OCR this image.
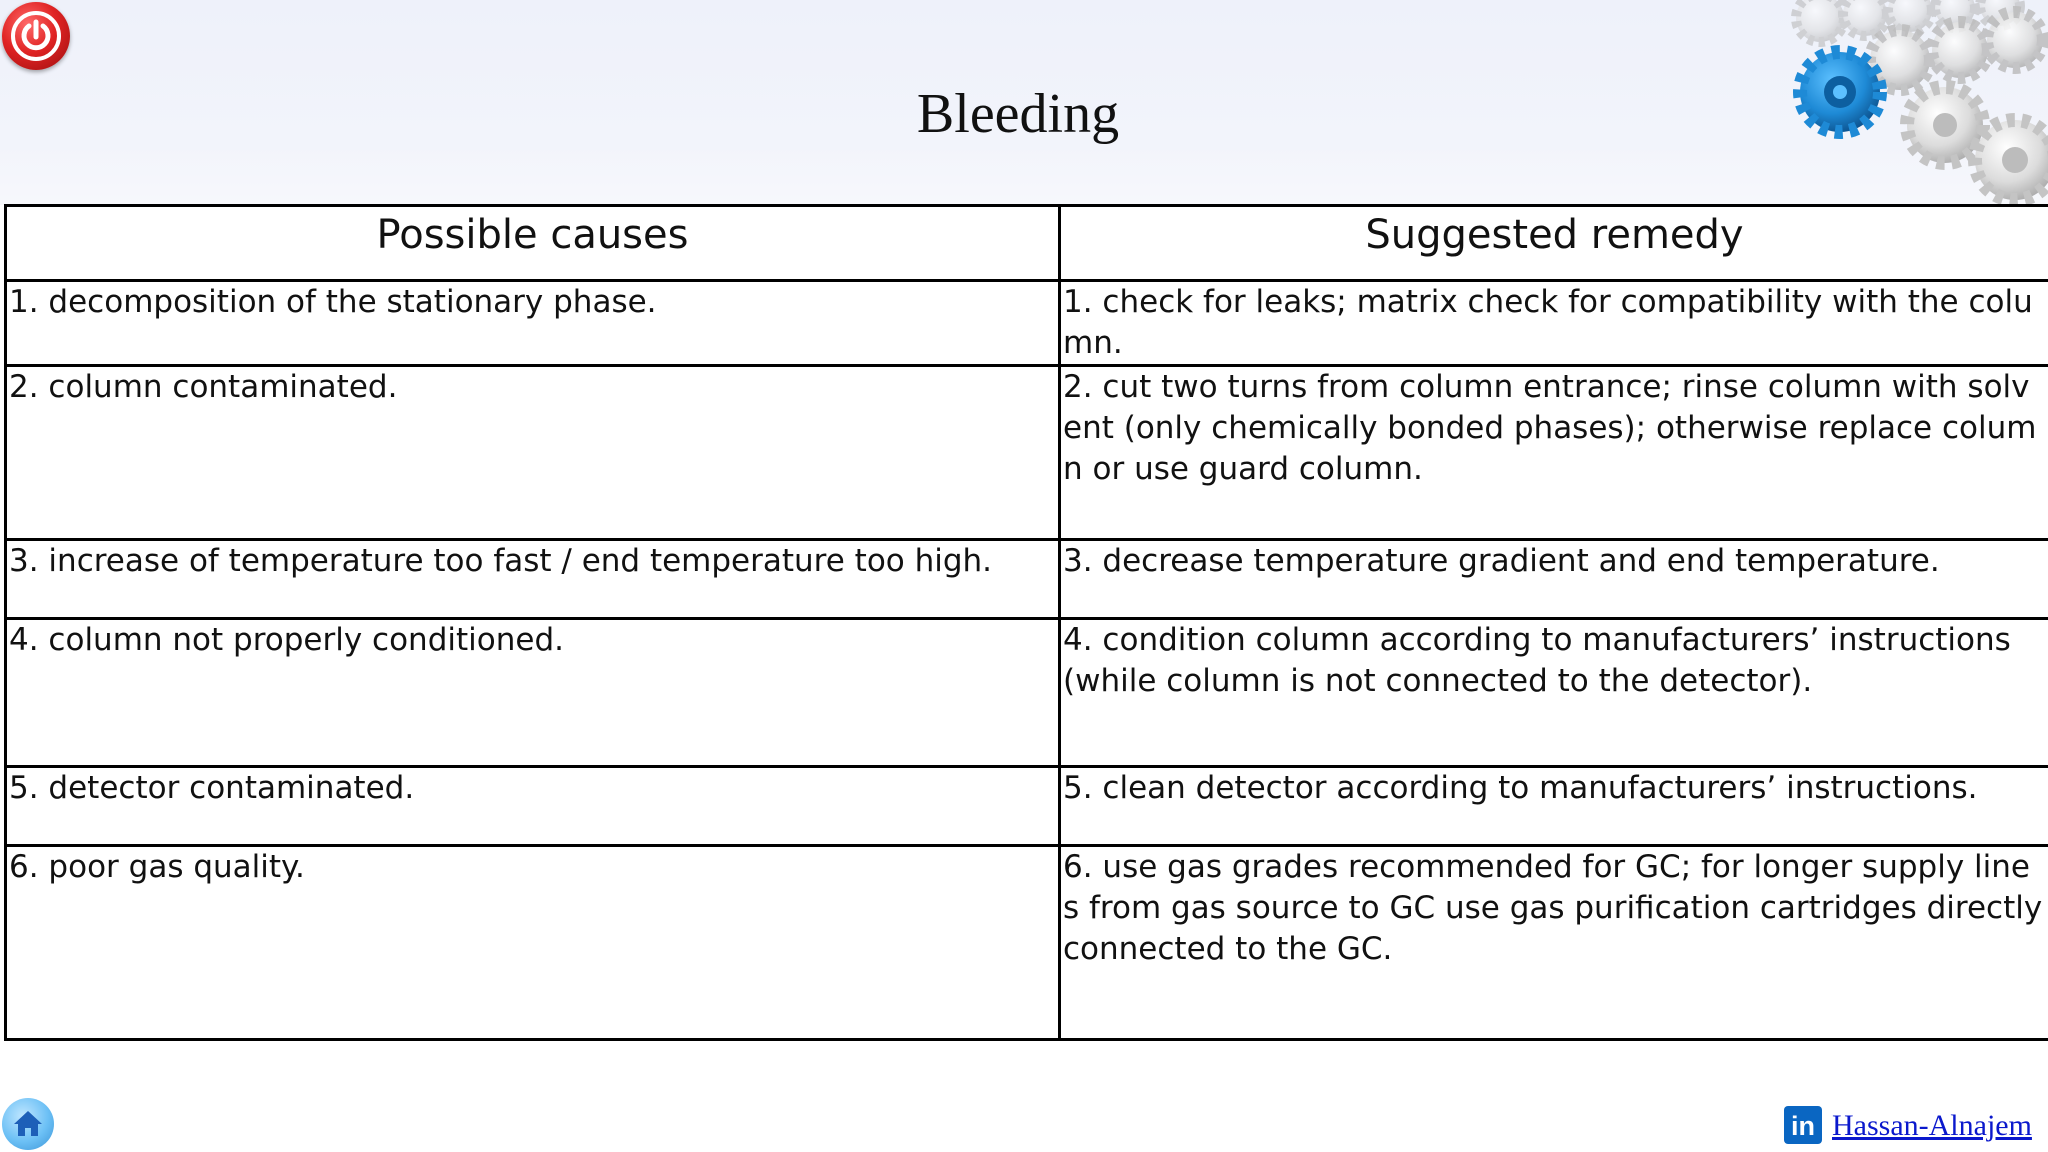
Bleeding
Possible causes	Suggested remedy
1. decomposition of the stationary phase.	1. check for leaks; matrix check for compatibility with the column.
2. column contaminated.	2. cut two turns from column entrance; rinse column with solvent (only chemically bonded phases); otherwise replace column or use guard column.
3. increase of temperature too fast / end temperature too high.	3. decrease temperature gradient and end temperature.
4. column not properly conditioned.	4. condition column according to manufacturers’ instructions (while column is not connected to the detector).
5. detector contaminated.	5. clean detector according to manufacturers’ instructions.
6. poor gas quality.	6. use gas grades recommended for GC; for longer supply lines from gas source to GC use gas purification cartridges directly connected to the GC.
in Hassan-Alnajem
